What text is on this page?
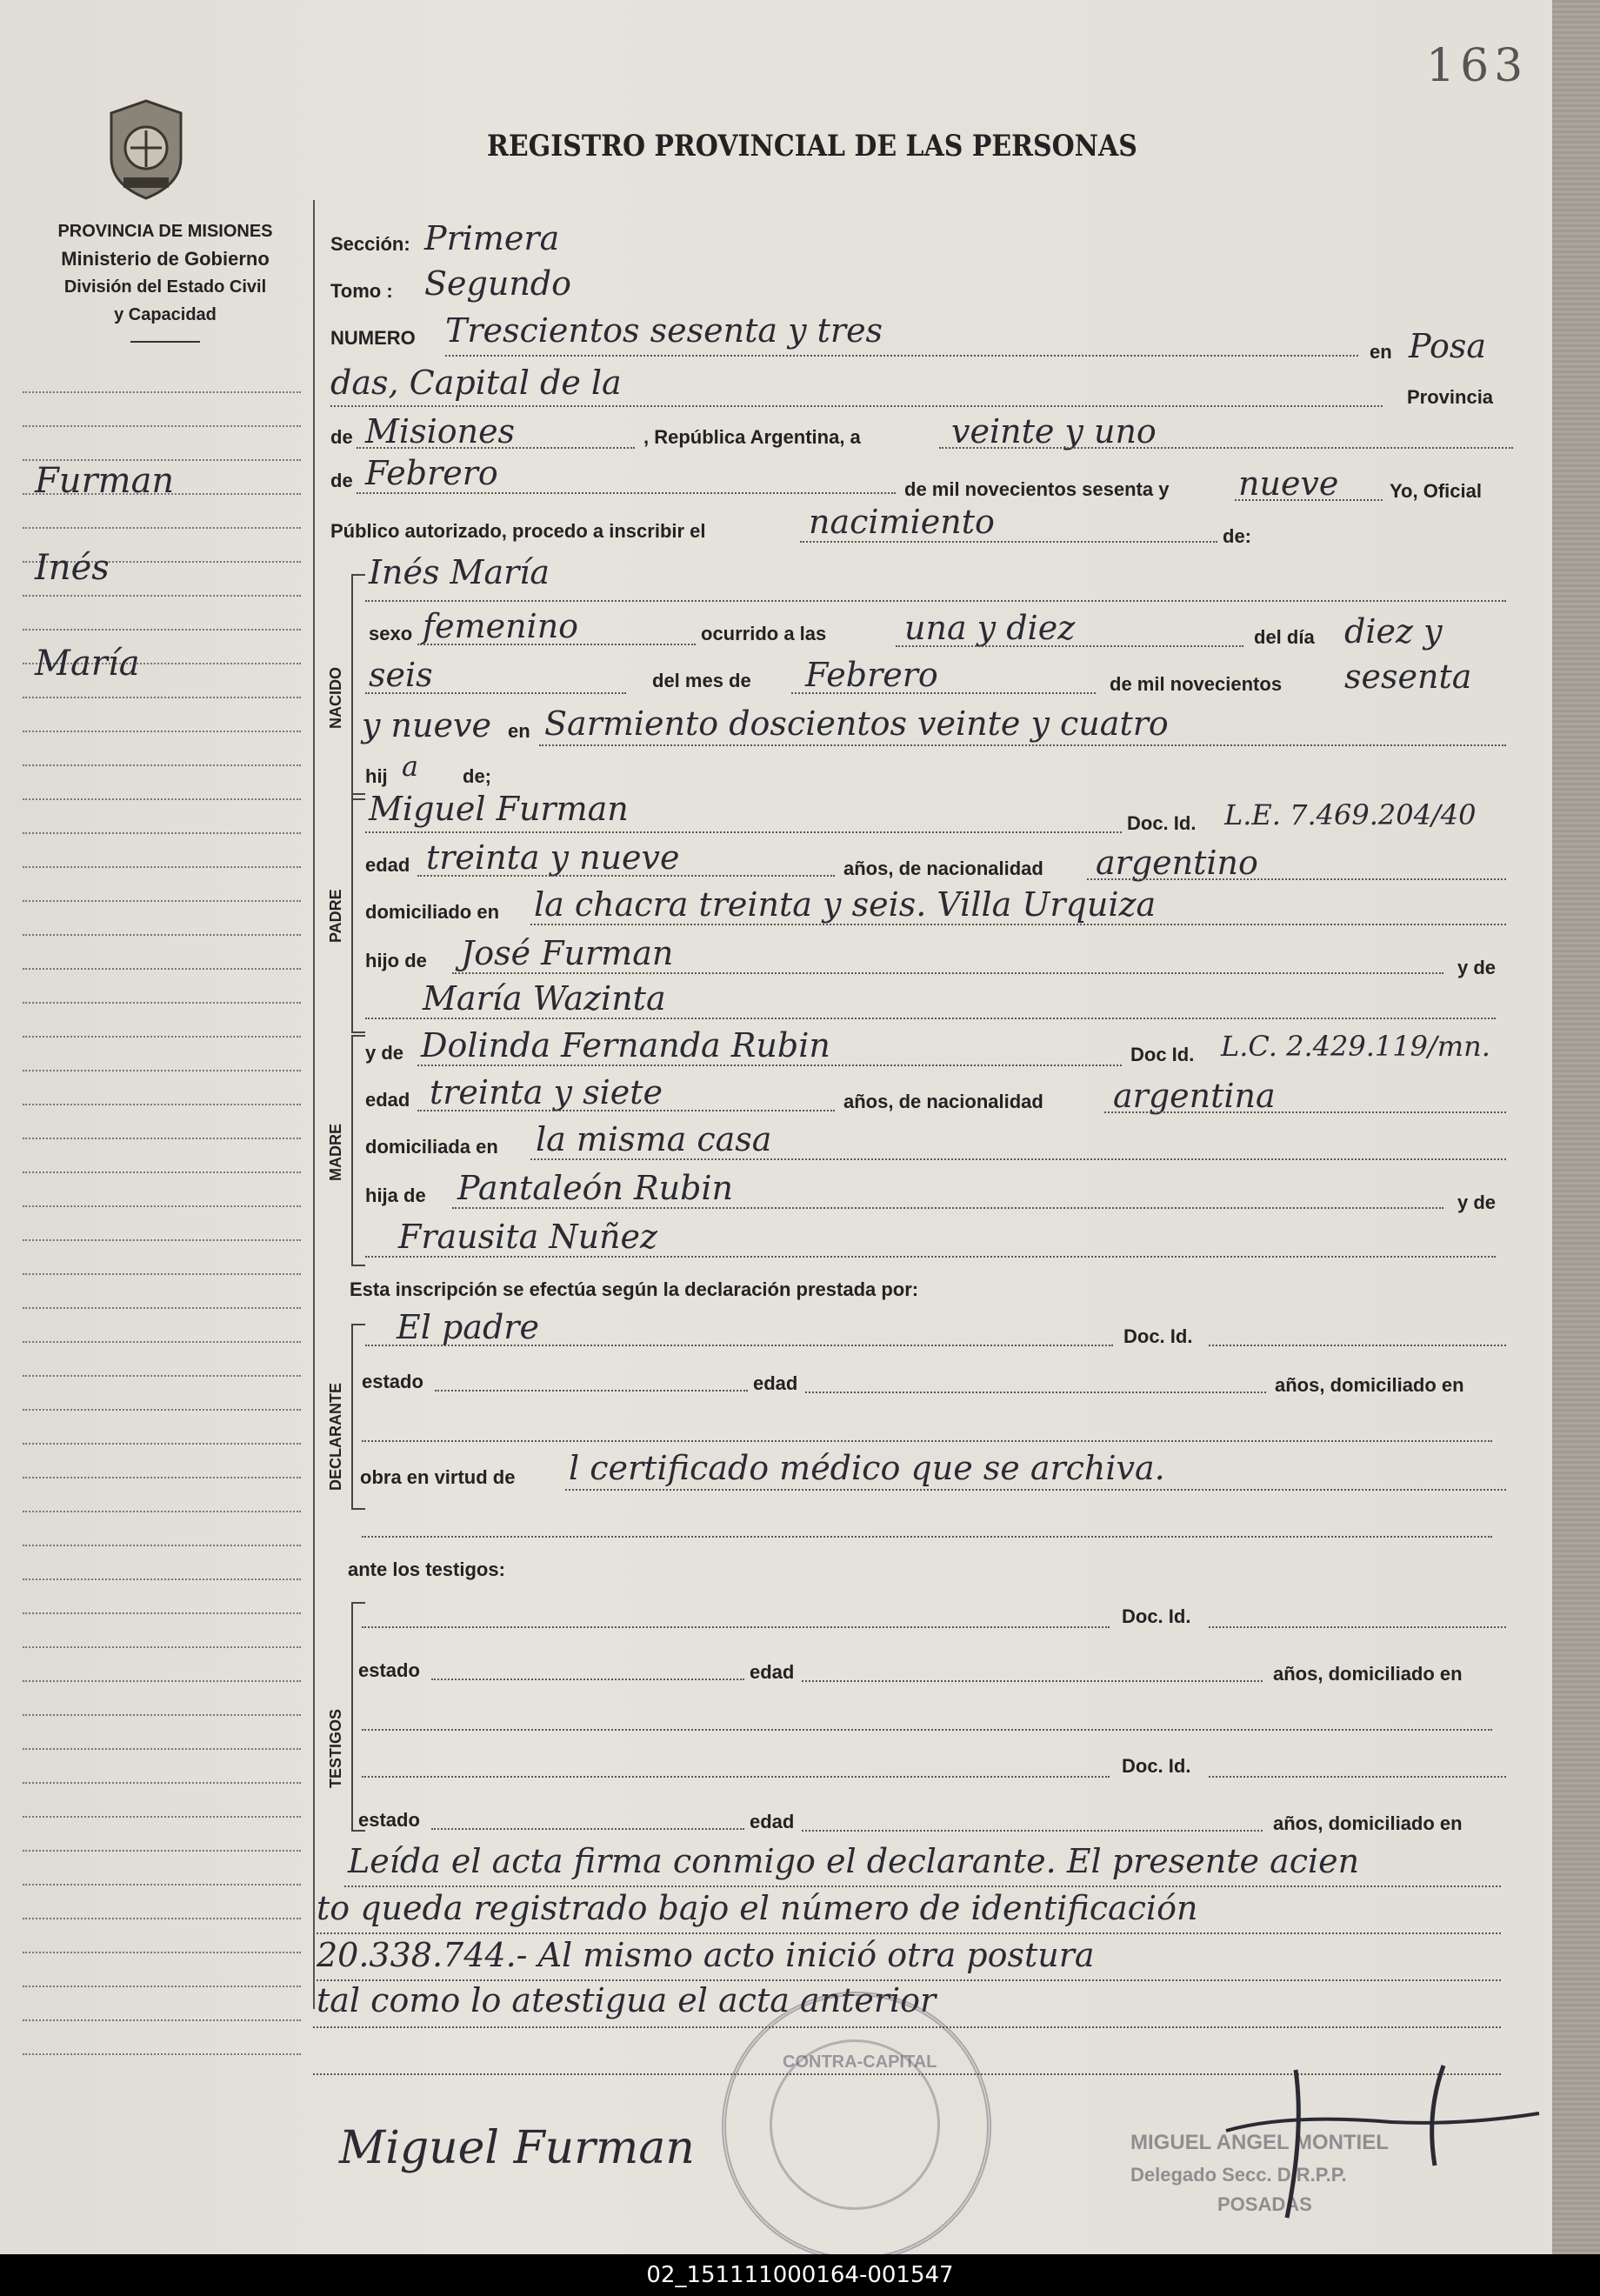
163
REGISTRO PROVINCIAL DE LAS PERSONAS
PROVINCIA DE MISIONES
Ministerio de Gobierno
División del Estado Civil
y Capacidad
Furman
Inés
María
Sección: Primera
Tomo : Segundo
NUMERO Trescientos sesenta y tres
en Posa
das, Capital de la	Provincia
de Misiones	, República Argentina, a	veinte y uno
de Febrero	de mil novecientos sesenta y nueve	Yo, Oficial
Público autorizado, procedo a inscribir el	nacimiento	de:
NACIDO
Inés María
sexo femenino	ocurrido a las una y diez	del día diez y
seis	del mes de Febrero	de mil novecientos sesenta
y nueve en Sarmiento doscientos veinte y cuatro
hij a de;
PADRE
Miguel Furman	Doc. Id. L.E. 7.469.204/40
edad treinta y nueve	años, de nacionalidad argentino
domiciliado en la chacra treinta y seis. Villa Urquiza
hijo de José Furman	y de
María Wazinta
MADRE
y de Dolinda Fernanda Rubin	Doc Id. L.C. 2.429.119/mn.
edad treinta y siete	años, de nacionalidad argentina
domiciliada en la misma casa
hija de Pantaleón Rubin	y de
Frausita Nuñez
Esta inscripción se efectúa según la declaración prestada por:
DECLARANTE
El padre	Doc. Id.
estado	edad	años, domiciliado en
obra en virtud de l certificado médico que se archiva.
ante los testigos:
TESTIGOS
Doc. Id.
estado	edad	años, domiciliado en
Doc. Id.
estado	edad	años, domiciliado en
Leída el acta firma conmigo el declarante. El presente acien
to queda registrado bajo el número de identificación
20.338.744.- Al mismo acto inició otra postura
tal como lo atestigua el acta anterior
CONTRA-CAPITAL
Miguel Furman	MIGUEL ANGEL MONTIEL
Delegado Secc. D.R.P.P.
POSADAS
02_151111000164-001547
